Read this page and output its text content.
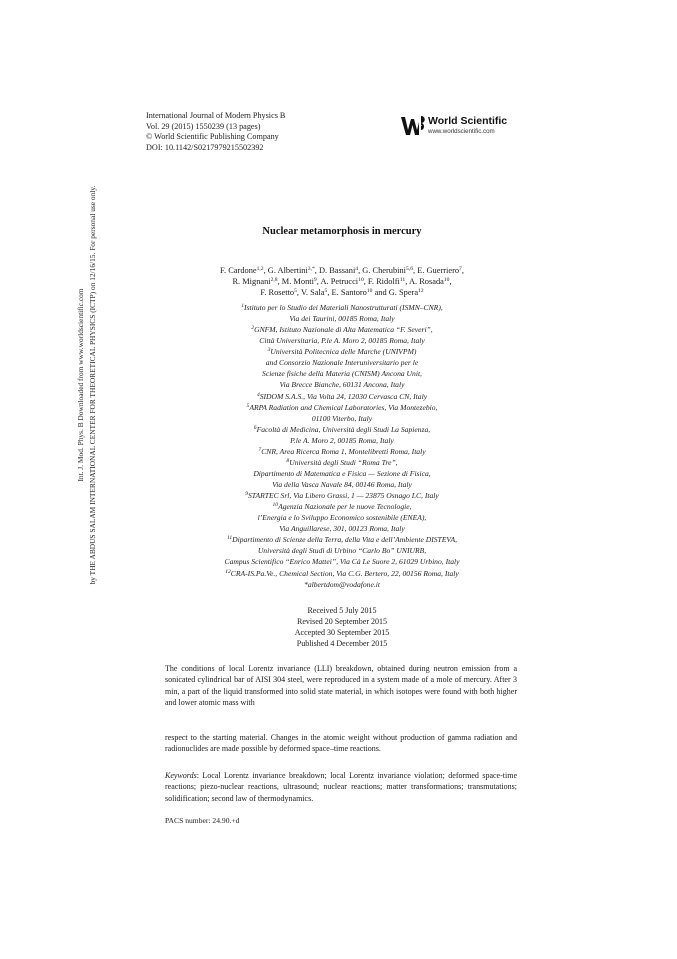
International Journal of Modern Physics B
Vol. 29 (2015) 1550239 (13 pages)
© World Scientific Publishing Company
DOI: 10.1142/S0217979215502392
World Scientific
www.worldscientific.com
Int. J. Mod. Phys. B Downloaded from www.worldscientific.com by THE ABDUS SALAM INTERNATIONAL CENTER FOR THEORETICAL PHYSICS (ICTP) on 12/16/15. For personal use only.	Nuclear metamorphosis in mercury
F. Cardone$^{1,2}$, G. Albertini$^{3,*}$, D. Bassani$^4$, G. Cherubini$^{5,6}$, E. Guerriero$^7$,
R. Mignani$^{2,8}$, M. Monti$^9$, A. Petrucci$^{10}$, F. Ridolfi$^{11}$, A. Rosada$^{10}$,
F. Rosetto$^5$, V. Sala$^5$, E. Santoro$^{10}$ and G. Spera$^{12}$
$^1$Istituto per lo Studio dei Materiali Nanostrutturati (ISMN–CNR),
Via dei Taurini, 00185 Roma, Italy
$^2$GNFM, Istituto Nazionale di Alta Matematica “F. Severi”,
Città Universitaria, P.le A. Moro 2, 00185 Roma, Italy
$^3$Università Politecnica delle Marche (UNIVPM)
and Consorzio Nazionale Interuniversitario per le
Scienze fisiche della Materia (CNISM) Ancona Unit,
Via Brecce Bianche, 60131 Ancona, Italy
$^4$SIDOM S.A.S., Via Volta 24, 12030 Cervasca CN, Italy
$^5$ARPA Radiation and Chemical Laboratories, Via Montezebio,
01100 Viterbo, Italy
$^6$Facoltà di Medicina, Università degli Studi La Sapienza,
P.le A. Moro 2, 00185 Roma, Italy
$^7$CNR, Area Ricerca Roma 1, Montelibretti Roma, Italy
$^8$Università degli Studi “Roma Tre”,
Dipartimento di Matematica e Fisica — Sezione di Fisica,
Via della Vasca Navale 84, 00146 Roma, Italy
$^9$STARTEC Srl, Via Libero Grassi, 1 — 23875 Osnago LC, Italy
$^{10}$Agenzia Nazionale per le nuove Tecnologie,
l’Energia e lo Sviluppo Economico sostenibile (ENEA),
Via Anguillarese, 301, 00123 Roma, Italy
$^{11}$Dipartimento di Scienze della Terra, della Vita e dell’Ambiente DISTEVA,
Università degli Studi di Urbino “Carlo Bo” UNIURB,
Campus Scientifico “Enrico Mattei”, Via Cà Le Suore 2, 61029 Urbino, Italy
$^{12}$CRA-IS.Pa.Ve., Chemical Section, Via C.G. Bertero, 22, 00156 Roma, Italy
*albertdom@vodafone.it
Received 5 July 2015
Revised 20 September 2015
Accepted 30 September 2015
Published 4 December 2015
The conditions of local Lorentz invariance (LLI) breakdown, obtained during neutron emission from a sonicated cylindrical bar of AISI 304 steel, were reproduced in a system made of a mole of mercury. After 3 min, a part of the liquid transformed into solid state material, in which isotopes were found with both higher and lower atomic mass with
respect to the starting material. Changes in the atomic weight without production of gamma radiation and radionuclides are made possible by deformed space–time reactions.
Keywords: Local Lorentz invariance breakdown; local Lorentz invariance violation; deformed space-time reactions; piezo-nuclear reactions, ultrasound; nuclear reactions; matter transformations; transmutations; solidification; second law of thermodynamics.
PACS number: 24.90.+d
